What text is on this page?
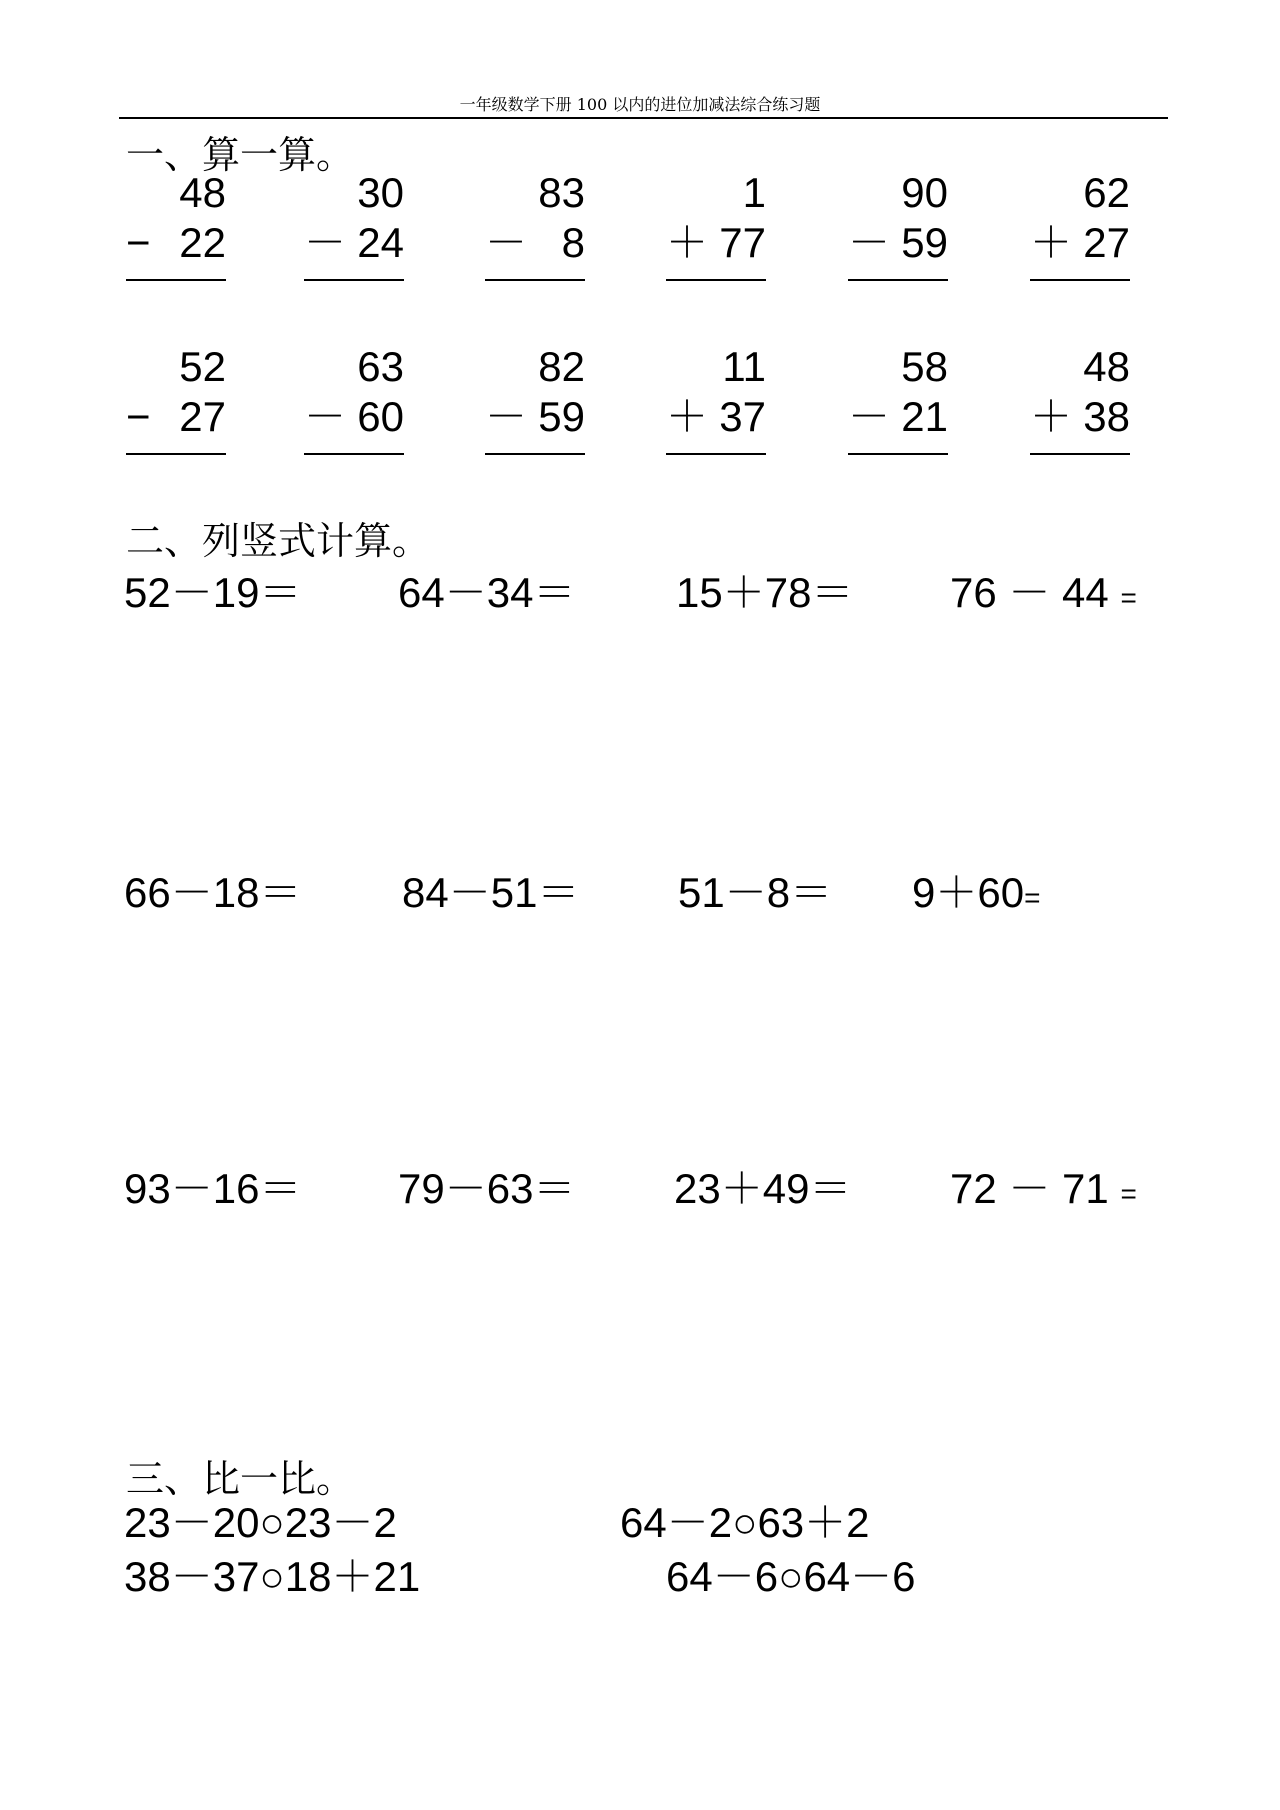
一年级数学下册 100 以内的进位加减法综合练习题
一、算一算。
48
− 22
30
－ 24
83
－ 8
1
＋ 77
90
－ 59
62
＋ 27
52
− 27
63
－ 60
82
－ 59
11
＋ 37
58
－ 21
48
＋ 38
二、列竖式计算。
52－19＝ 64－34＝ 15＋78＝ 76 － 44 =
66－18＝ 84－51＝ 51－8＝ 9＋60=
93－16＝ 79－63＝ 23＋49＝ 72 － 71 =
三、比一比。
23－20○23－2	64－2○63＋2
38－37○18＋21	64－6○64－6
